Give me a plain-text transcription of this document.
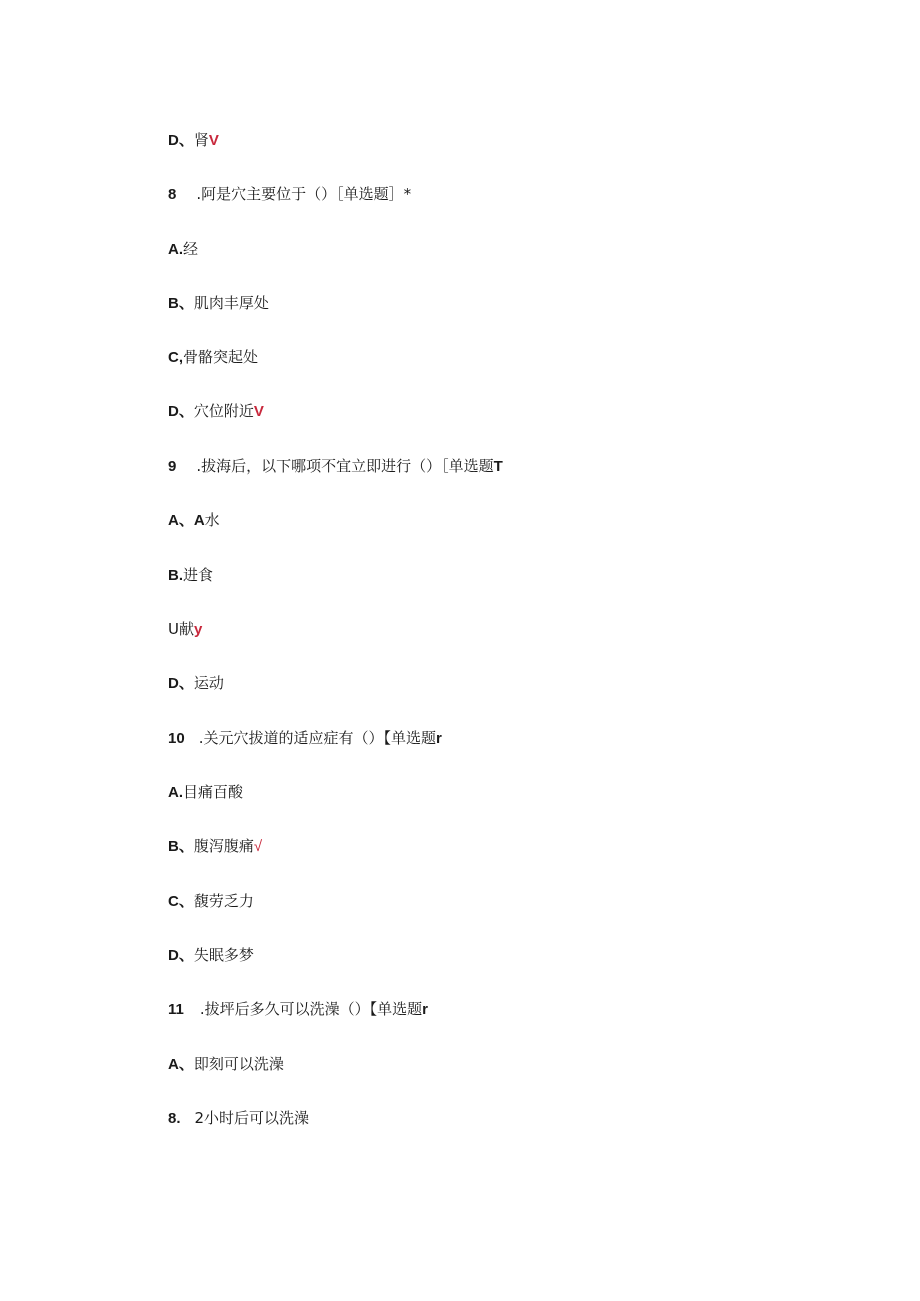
D、肾V
8 .阿是穴主要位于（）［单选题］*
A.经
B、肌肉丰厚处
C,骨骼突起处
D、穴位附近V
9 .拔海后，以下哪项不宜立即进行（）［单选题T
A、A水
B.进食
U献y
D、运动
10 .关元穴拔道的适应症有（）【单选题r
A.目痛百酸
B、腹泻腹痛√
C、馥劳乏力
D、失眠多梦
11 .拔坪后多久可以洗澡（）【单选题r
A、即刻可以洗澡
8. 2小时后可以洗澡
